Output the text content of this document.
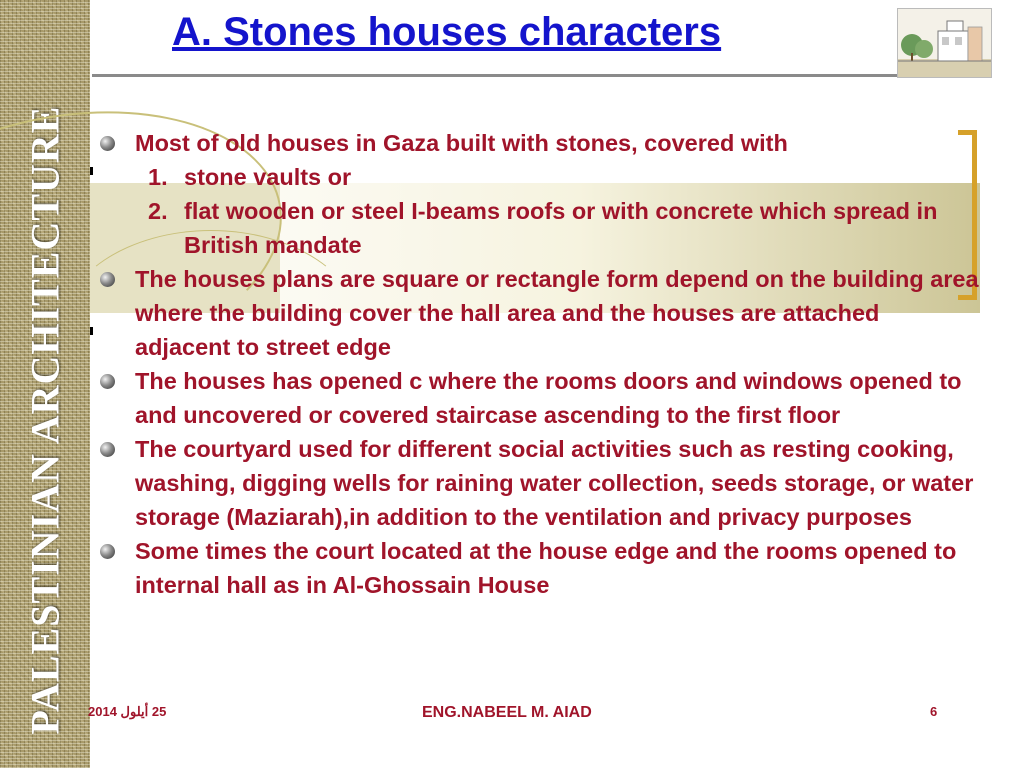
PALESTINIAN ARCHITECTURE
A. Stones houses characters
Most of old houses in Gaza built with stones, covered with
1. stone vaults or
2. flat wooden or steel I-beams roofs or with concrete which spread in British mandate
The houses plans are square or rectangle form depend on the building area where the building cover the hall area and the houses are attached adjacent to street edge
The houses has opened c where the rooms doors and windows opened to and uncovered or covered staircase ascending to the first floor
The courtyard used for different social activities such as resting cooking, washing, digging wells for raining water collection, seeds storage, or water storage (Maziarah),in addition to the ventilation and privacy purposes
Some times the court located at the house edge and the rooms opened to internal hall as in Al-Ghossain House
25 أيلول 2014	ENG.NABEEL M. AIAD	6
